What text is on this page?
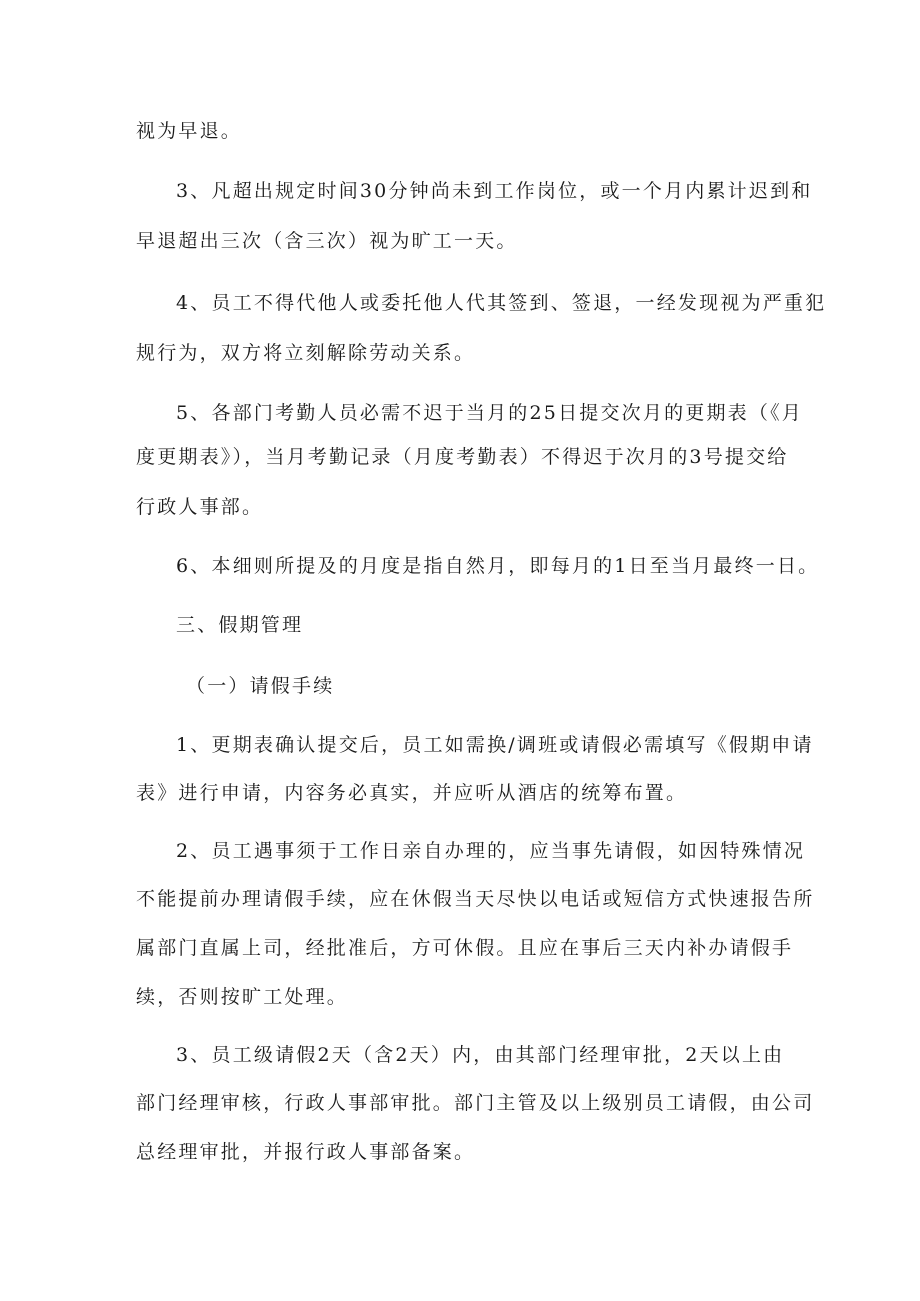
视为早退。
3、凡超出规定时间30分钟尚未到工作岗位，或一个月内累计迟到和
早退超出三次（含三次）视为旷工一天。
4、员工不得代他人或委托他人代其签到、签退，一经发现视为严重犯
规行为，双方将立刻解除劳动关系。
5、各部门考勤人员必需不迟于当月的25日提交次月的更期表（《月
度更期表》），当月考勤记录（月度考勤表）不得迟于次月的3号提交给
行政人事部。
6、本细则所提及的月度是指自然月，即每月的1日至当月最终一日。
三、假期管理
（一）请假手续
1、更期表确认提交后，员工如需换/调班或请假必需填写《假期申请
表》进行申请，内容务必真实，并应听从酒店的统筹布置。
2、员工遇事须于工作日亲自办理的，应当事先请假，如因特殊情况
不能提前办理请假手续，应在休假当天尽快以电话或短信方式快速报告所
属部门直属上司，经批准后，方可休假。且应在事后三天内补办请假手
续，否则按旷工处理。
3、员工级请假2天（含2天）内，由其部门经理审批，2天以上由
部门经理审核，行政人事部审批。部门主管及以上级别员工请假，由公司
总经理审批，并报行政人事部备案。
